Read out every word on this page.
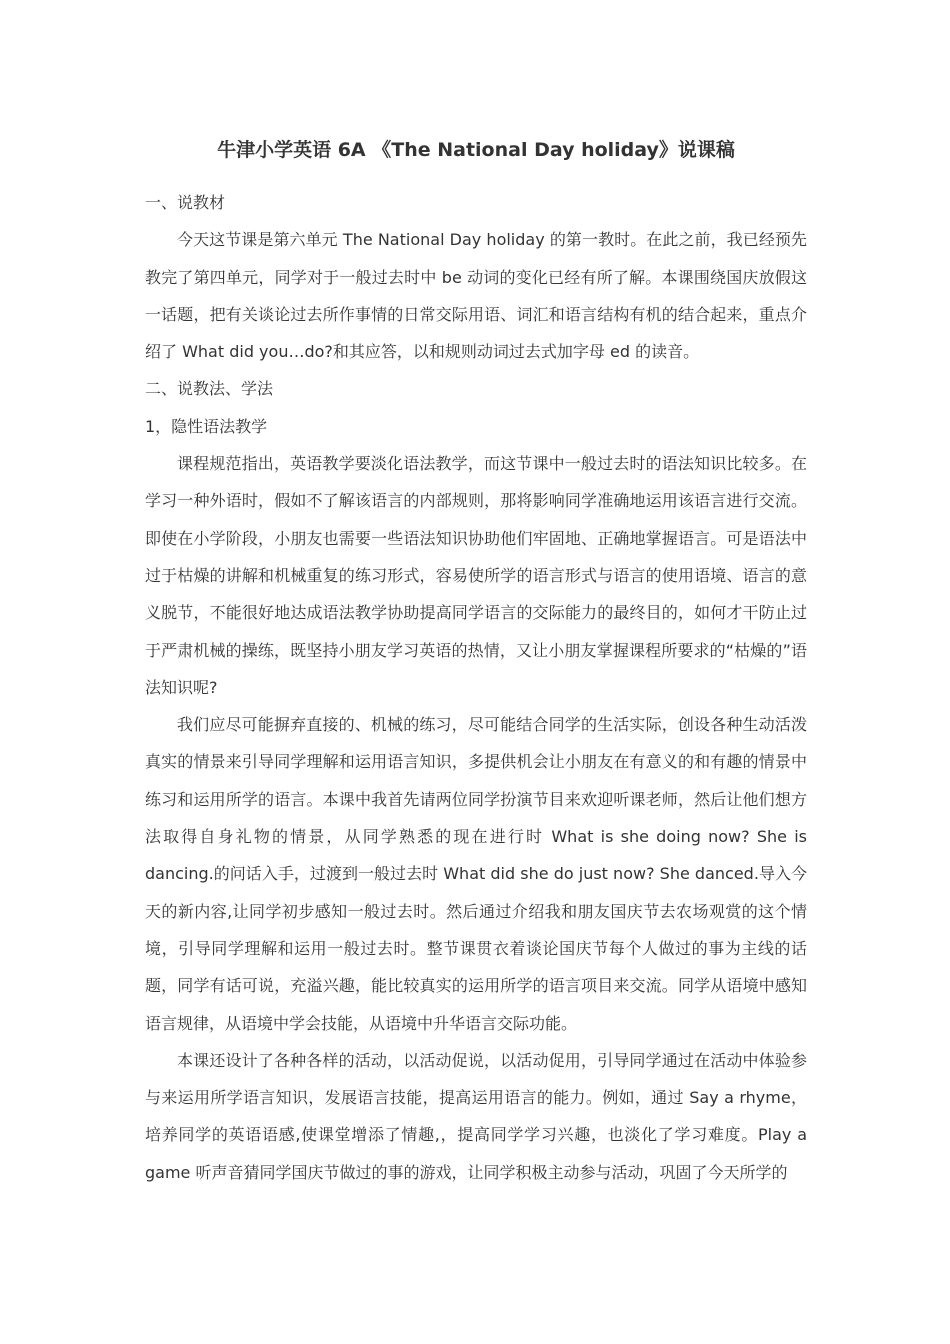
牛津小学英语 6A 《The National Day holiday》说课稿

一、说教材

今天这节课是第六单元 The National Day holiday 的第一教时。在此之前，我已经预先教完了第四单元，同学对于一般过去时中 be 动词的变化已经有所了解。本课围绕国庆放假这一话题，把有关谈论过去所作事情的日常交际用语、词汇和语言结构有机的结合起来，重点介绍了 What did you…do?和其应答，以和规则动词过去式加字母 ed 的读音。

二、说教法、学法

1，隐性语法教学

课程规范指出，英语教学要淡化语法教学，而这节课中一般过去时的语法知识比较多。在学习一种外语时，假如不了解该语言的内部规则，那将影响同学准确地运用该语言进行交流。即使在小学阶段，小朋友也需要一些语法知识协助他们牢固地、正确地掌握语言。可是语法中过于枯燥的讲解和机械重复的练习形式，容易使所学的语言形式与语言的使用语境、语言的意义脱节，不能很好地达成语法教学协助提高同学语言的交际能力的最终目的，如何才干防止过于严肃机械的操练，既坚持小朋友学习英语的热情，又让小朋友掌握课程所要求的“枯燥的”语法知识呢?

我们应尽可能摒弃直接的、机械的练习，尽可能结合同学的生活实际，创设各种生动活泼真实的情景来引导同学理解和运用语言知识，多提供机会让小朋友在有意义的和有趣的情景中练习和运用所学的语言。本课中我首先请两位同学扮演节目来欢迎听课老师，然后让他们想方法取得自身礼物的情景，从同学熟悉的现在进行时 What is she doing now? She is dancing.的问话入手，过渡到一般过去时 What did she do just now? She danced.导入今天的新内容,让同学初步感知一般过去时。然后通过介绍我和朋友国庆节去农场观赏的这个情境，引导同学理解和运用一般过去时。整节课贯衣着谈论国庆节每个人做过的事为主线的话题，同学有话可说，充溢兴趣，能比较真实的运用所学的语言项目来交流。同学从语境中感知语言规律，从语境中学会技能，从语境中升华语言交际功能。

本课还设计了各种各样的活动，以活动促说，以活动促用，引导同学通过在活动中体验参与来运用所学语言知识，发展语言技能，提高运用语言的能力。例如，通过 Say a rhyme，培养同学的英语语感,使课堂增添了情趣,，提高同学学习兴趣，也淡化了学习难度。Play a game 听声音猜同学国庆节做过的事的游戏，让同学积极主动参与活动，巩固了今天所学的
